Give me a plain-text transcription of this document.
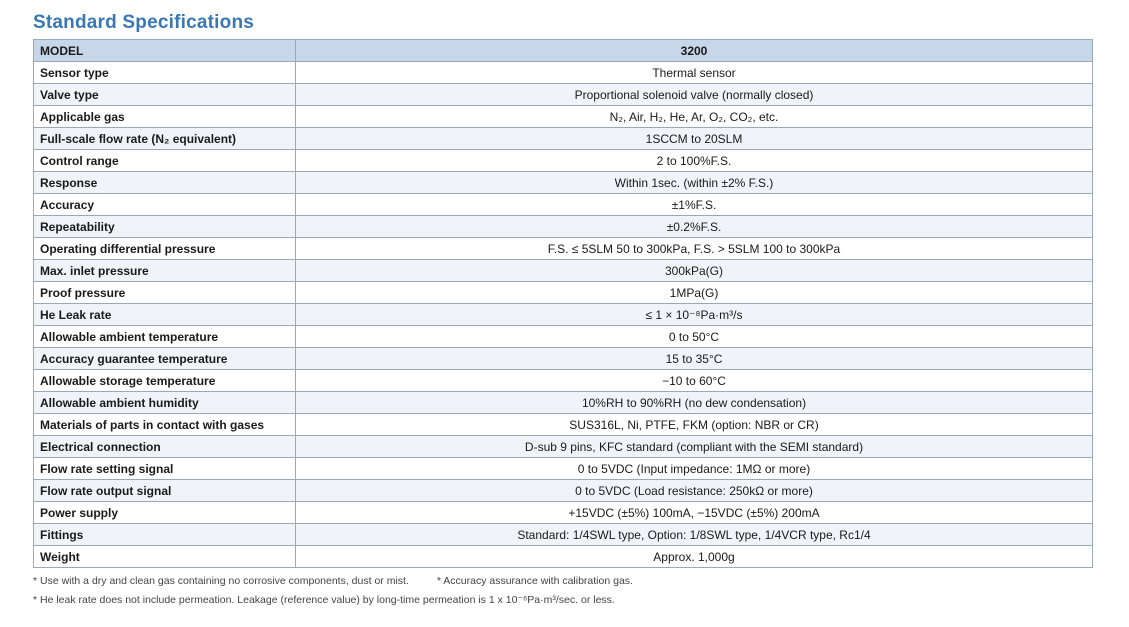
Standard Specifications
MODEL	3200
Sensor type	Thermal sensor
Valve type	Proportional solenoid valve (normally closed)
Applicable gas	N₂, Air, H₂, He, Ar, O₂, CO₂, etc.
Full-scale flow rate (N₂ equivalent)	1SCCM to 20SLM
Control range	2 to 100%F.S.
Response	Within 1sec. (within ±2% F.S.)
Accuracy	±1%F.S.
Repeatability	±0.2%F.S.
Operating differential pressure	F.S. ≤ 5SLM 50 to 300kPa, F.S. > 5SLM 100 to 300kPa
Max. inlet pressure	300kPa(G)
Proof pressure	1MPa(G)
He Leak rate	≤ 1 × 10⁻⁸Pa·m³/s
Allowable ambient temperature	0 to 50°C
Accuracy guarantee temperature	15 to 35°C
Allowable storage temperature	−10 to 60°C
Allowable ambient humidity	10%RH to 90%RH (no dew condensation)
Materials of parts in contact with gases	SUS316L, Ni, PTFE, FKM (option: NBR or CR)
Electrical connection	D-sub 9 pins, KFC standard (compliant with the SEMI standard)
Flow rate setting signal	0 to 5VDC (Input impedance: 1MΩ or more)
Flow rate output signal	0 to 5VDC (Load resistance: 250kΩ or more)
Power supply	+15VDC (±5%) 100mA, −15VDC (±5%) 200mA
Fittings	Standard: 1/4SWL type, Option: 1/8SWL type, 1/4VCR type, Rc1/4
Weight	Approx. 1,000g

* Use with a dry and clean gas containing no corrosive components, dust or mist.	* Accuracy assurance with calibration gas.

* He leak rate does not include permeation. Leakage (reference value) by long-time permeation is 1 x 10⁻⁶Pa·m³/sec. or less.
